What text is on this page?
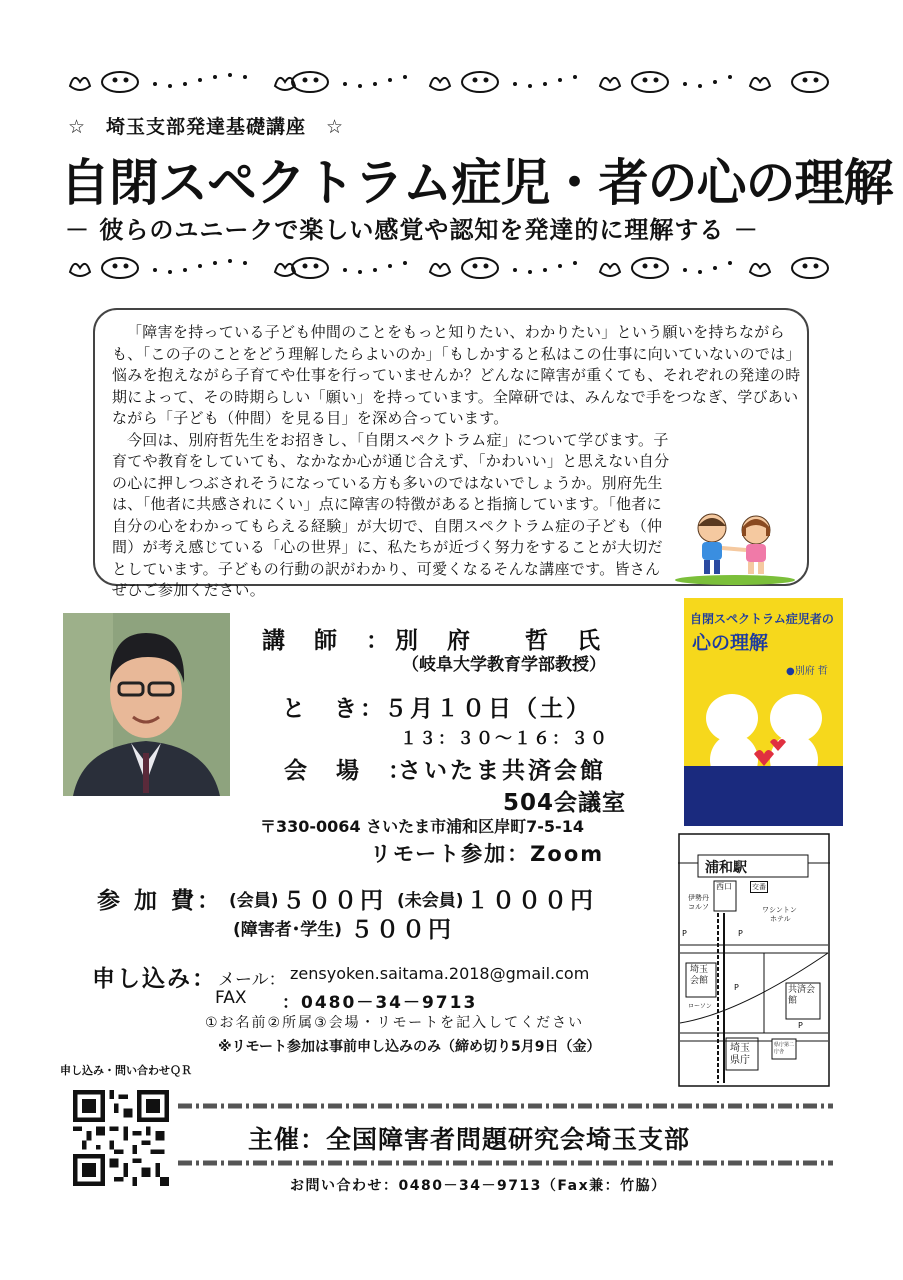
☆　埼玉支部発達基礎講座　☆
自閉スペクトラム症児・者の心の理解
－ 彼らのユニークで楽しい感覚や認知を発達的に理解する －

「障害を持っている子ども仲間のことをもっと知りたい、わかりたい」という願いを持ちながらも、「この子のことをどう理解したらよいのか」「もしかすると私はこの仕事に向いていないのでは」悩みを抱えながら子育てや仕事を行っていませんか？どんなに障害が重くても、それぞれの発達の時期によって、その時期らしい「願い」を持っています。全障研では、みんなで手をつなぎ、学びあいながら「子ども（仲間）を見る目」を深め合っています。

今回は、別府哲先生をお招きし、「自閉スペクトラム症」について学びます。子育てや教育をしていても、なかなか心が通じ合えず、「かわいい」と思えない自分の心に押しつぶされそうになっている方も多いのではないでしょうか。別府先生は、「他者に共感されにくい」点に障害の特徴があると指摘しています。「他者に自分の心をわかってもらえる経験」が大切で、自閉スペクトラム症の子ども（仲間）が考え感じている「心の世界」に、私たちが近づく努力をすることが大切だとしています。子どもの行動の訳がわかり、可愛くなるそんな講座です。皆さんぜひご参加ください。

講　師　： 別　府　　哲　氏
（岐阜大学教育学部教授）
と　き：
５月１０日（土）
１３：３０～１６：３０
会　場　：
さいたま共済会館
504会議室
〒330-0064 さいたま市浦和区岸町7-5-14
リモート参加：Zoom
自閉スペクトラム症児者の
心の理解
●別府 哲
参 加 費： (会員) ５００円 (未会員) １０００円
(障害者･学生) ５００円
申し込み： メール： zensyoken.saitama.2018@gmail.com
FAX ：0480－34－9713
①お名前②所属③会場・リモートを記入してください
※リモート参加は事前申し込みのみ（締め切り5月9日（金）
浦和駅
西口	交番
伊勢丹
コルソ	ワシントン
ホテル
埼玉会館
ローソン
共済会館
埼玉県庁
県庁第二庁舎
P	P
P
P
申し込み・問い合わせＱＲ
主催：全国障害者問題研究会埼玉支部
お問い合わせ：0480－34－9713（Fax兼：竹脇）
